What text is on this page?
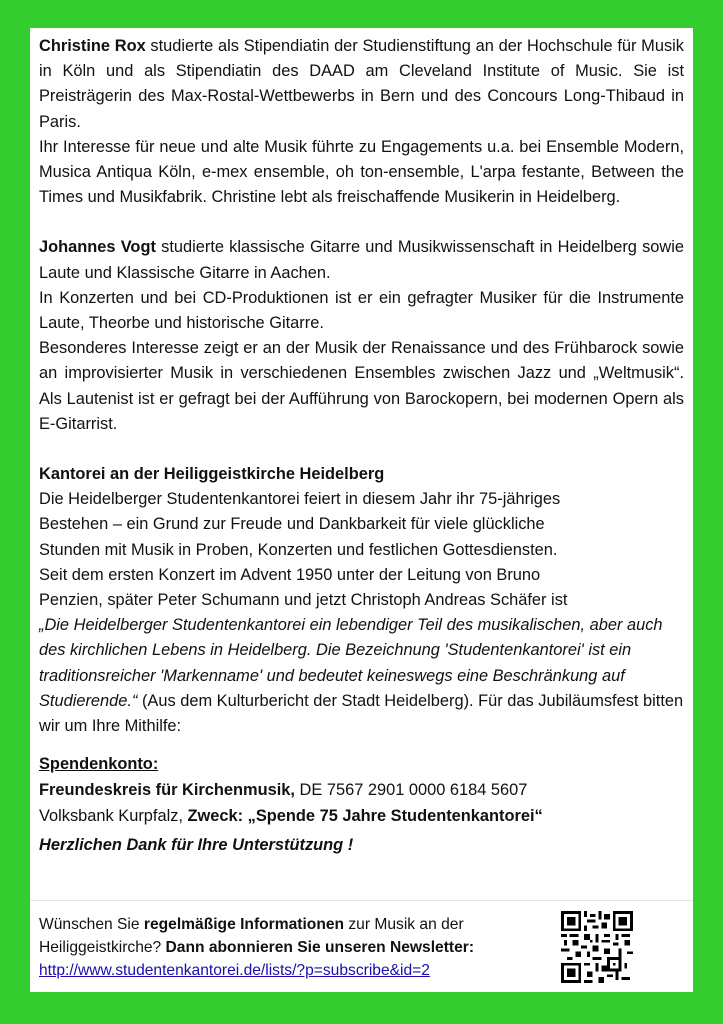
Christine Rox studierte als Stipendiatin der Studienstiftung an der Hochschule für Musik in Köln und als Stipendiatin des DAAD am Cleveland Institute of Music. Sie ist Preisträgerin des Max-Rostal-Wettbewerbs in Bern und des Concours Long-Thibaud in Paris.
Ihr Interesse für neue und alte Musik führte zu Engagements u.a. bei Ensemble Modern, Musica Antiqua Köln, e-mex ensemble, oh ton-ensemble, L'arpa festante, Between the Times und Musikfabrik. Christine lebt als freischaffende Musikerin in Heidelberg.

Johannes Vogt studierte klassische Gitarre und Musikwissenschaft in Heidelberg sowie Laute und Klassische Gitarre in Aachen.
In Konzerten und bei CD-Produktionen ist er ein gefragter Musiker für die Instrumente Laute, Theorbe und historische Gitarre.
Besonderes Interesse zeigt er an der Musik der Renaissance und des Frühbarock sowie an improvisierter Musik in verschiedenen Ensembles zwischen Jazz und „Weltmusik“. Als Lautenist ist er gefragt bei der Aufführung von Barockopern, bei modernen Opern als E-Gitarrist.

Kantorei an der Heiliggeistkirche Heidelberg

Die Heidelberger Studentenkantorei feiert in diesem Jahr ihr 75-jähriges
Bestehen – ein Grund zur Freude und Dankbarkeit für viele glückliche
Stunden mit Musik in Proben, Konzerten und festlichen Gottesdiensten.
Seit dem ersten Konzert im Advent 1950 unter der Leitung von Bruno
Penzien, später Peter Schumann und jetzt Christoph Andreas Schäfer ist
„Die Heidelberger Studentenkantorei ein lebendiger Teil des musikalischen, aber auch des kirchlichen Lebens in Heidelberg. Die Bezeichnung 'Studentenkantorei' ist ein traditionsreicher 'Markenname' und bedeutet keineswegs eine Beschränkung auf Studierende.“ (Aus dem Kulturbericht der Stadt Heidelberg). Für das Jubiläumsfest bitten wir um Ihre Mithilfe:

Spendenkonto:
Freundeskreis für Kirchenmusik, DE 7567 2901 0000 6184 5607
Volksbank Kurpfalz, Zweck: „Spende 75 Jahre Studentenkantorei“
Herzlichen Dank für Ihre Unterstützung !
Wünschen Sie regelmäßige Informationen zur Musik an der Heiliggeistkirche? Dann abonnieren Sie unseren Newsletter:
http://www.studentenkantorei.de/lists/?p=subscribe&id=2
